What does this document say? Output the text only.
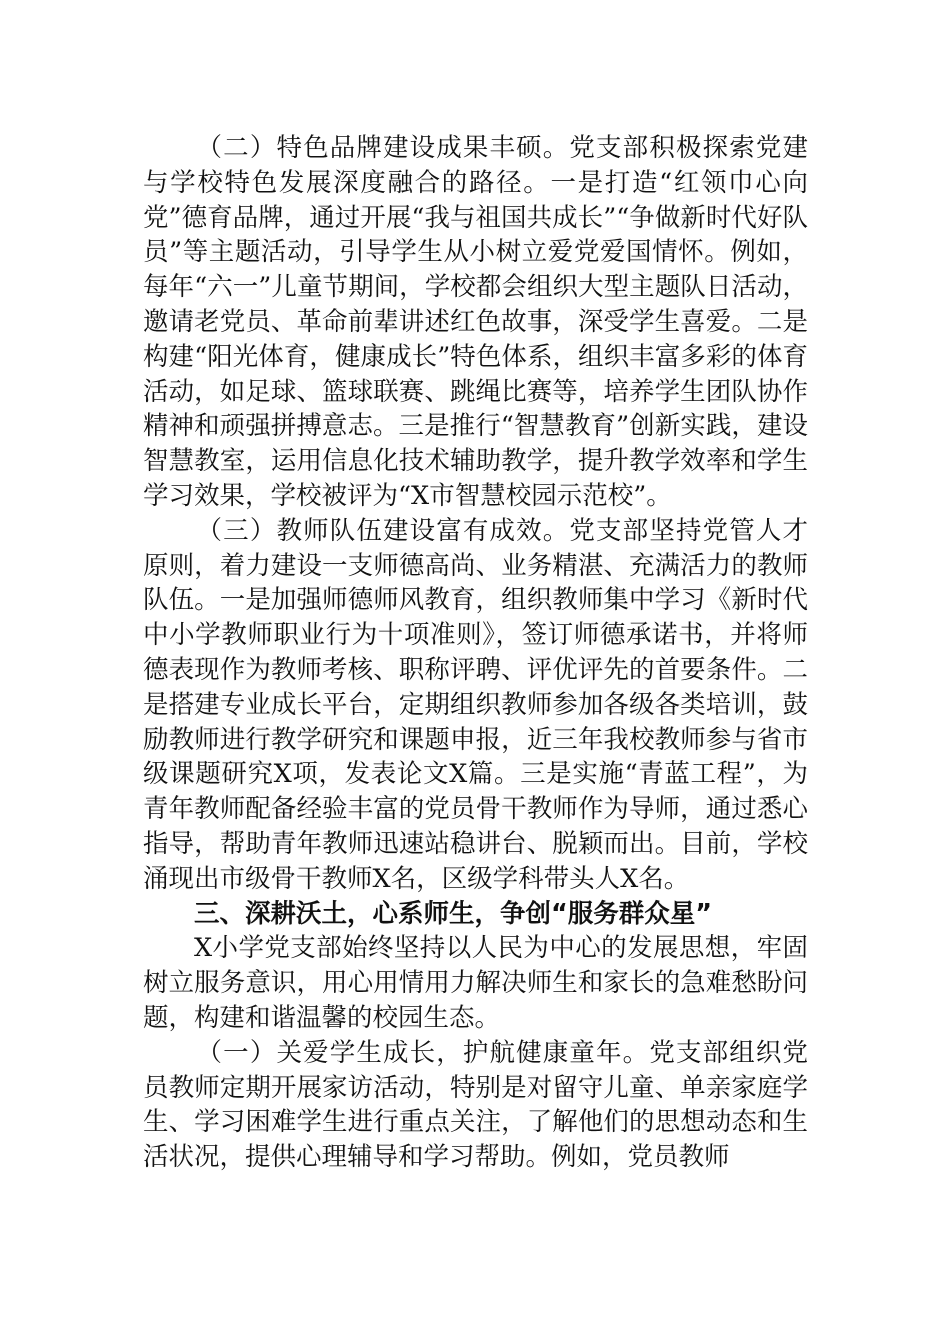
（二）特色品牌建设成果丰硕。党支部积极探索党建与学校特色发展深度融合的路径。一是打造“红领巾心向党”德育品牌，通过开展“我与祖国共成长”“争做新时代好队员”等主题活动，引导学生从小树立爱党爱国情怀。例如，每年“六一”儿童节期间，学校都会组织大型主题队日活动，邀请老党员、革命前辈讲述红色故事，深受学生喜爱。二是构建“阳光体育，健康成长”特色体系，组织丰富多彩的体育活动，如足球、篮球联赛、跳绳比赛等，培养学生团队协作精神和顽强拼搏意志。三是推行“智慧教育”创新实践，建设智慧教室，运用信息化技术辅助教学，提升教学效率和学生学习效果，学校被评为“X市智慧校园示范校”。

（三）教师队伍建设富有成效。党支部坚持党管人才原则，着力建设一支师德高尚、业务精湛、充满活力的教师队伍。一是加强师德师风教育，组织教师集中学习《新时代中小学教师职业行为十项准则》，签订师德承诺书，并将师德表现作为教师考核、职称评聘、评优评先的首要条件。二是搭建专业成长平台，定期组织教师参加各级各类培训，鼓励教师进行教学研究和课题申报，近三年我校教师参与省市级课题研究X项，发表论文X篇。三是实施“青蓝工程”，为青年教师配备经验丰富的党员骨干教师作为导师，通过悉心指导，帮助青年教师迅速站稳讲台、脱颖而出。目前，学校涌现出市级骨干教师X名，区级学科带头人X名。

三、深耕沃土，心系师生，争创“服务群众星”

X小学党支部始终坚持以人民为中心的发展思想，牢固树立服务意识，用心用情用力解决师生和家长的急难愁盼问题，构建和谐温馨的校园生态。

（一）关爱学生成长，护航健康童年。党支部组织党员教师定期开展家访活动，特别是对留守儿童、单亲家庭学生、学习困难学生进行重点关注，了解他们的思想动态和生活状况，提供心理辅导和学习帮助。例如，党员教师
